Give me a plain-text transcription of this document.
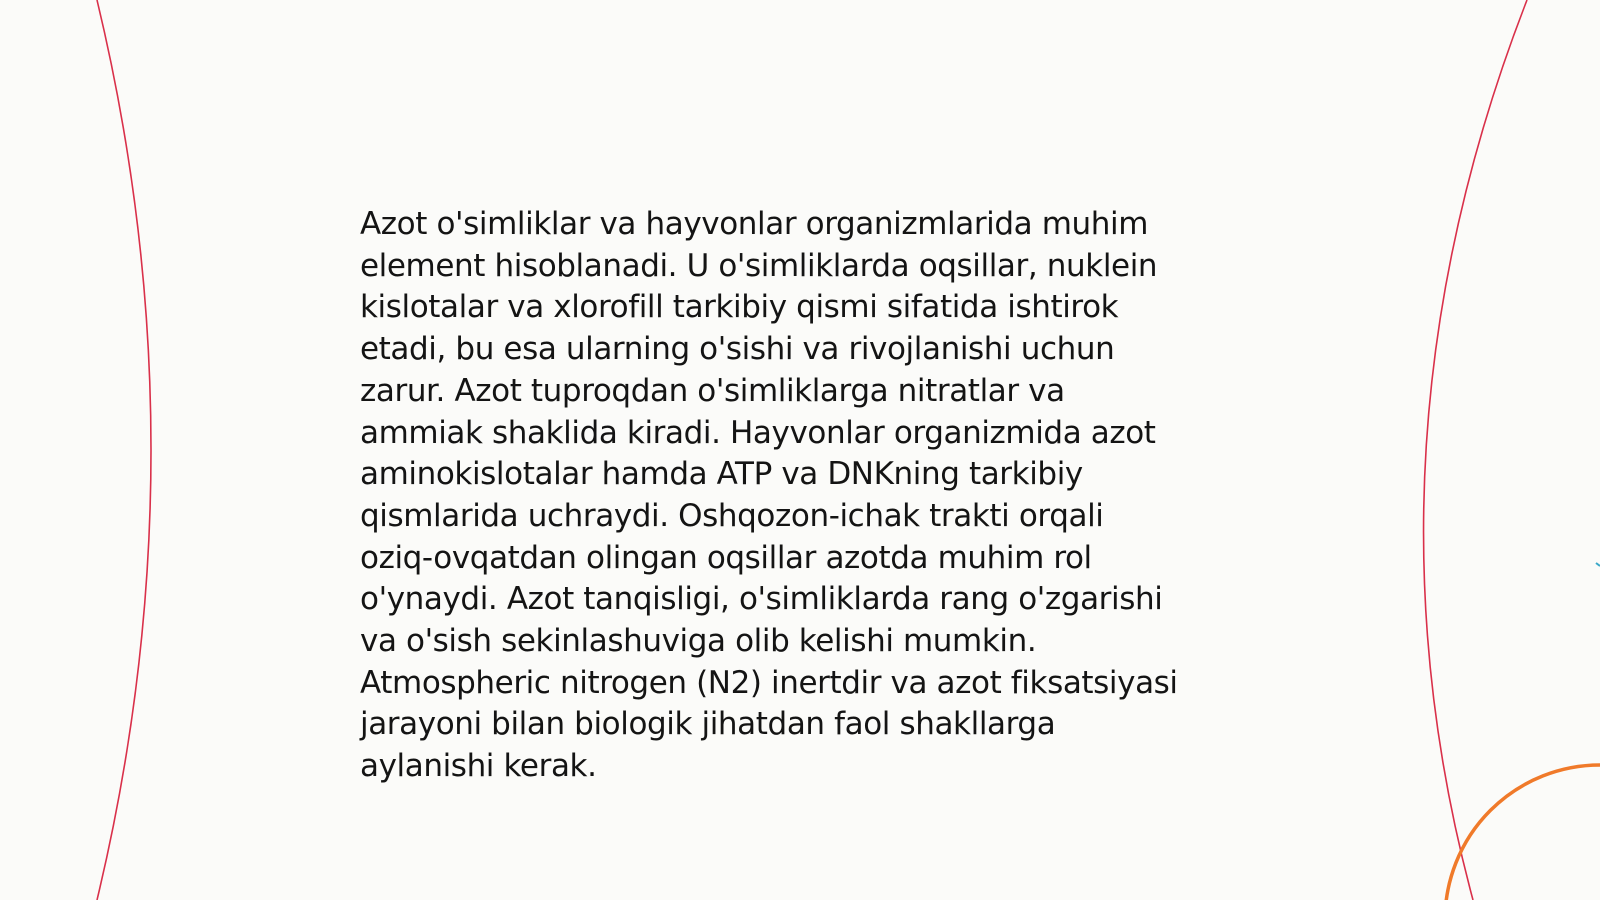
Azot o'simliklar va hayvonlar organizmlarida muhim
element hisoblanadi. U o'simliklarda oqsillar, nuklein
kislotalar va xlorofill tarkibiy qismi sifatida ishtirok
etadi, bu esa ularning o'sishi va rivojlanishi uchun
zarur. Azot tuproqdan o'simliklarga nitratlar va
ammiak shaklida kiradi. Hayvonlar organizmida azot
aminokislotalar hamda ATP va DNKning tarkibiy
qismlarida uchraydi. Oshqozon-ichak trakti orqali
oziq-ovqatdan olingan oqsillar azotda muhim rol
o'ynaydi. Azot tanqisligi, o'simliklarda rang o'zgarishi
va o'sish sekinlashuviga olib kelishi mumkin.
Atmospheric nitrogen (N2) inertdir va azot fiksatsiyasi
jarayoni bilan biologik jihatdan faol shakllarga
aylanishi kerak.
